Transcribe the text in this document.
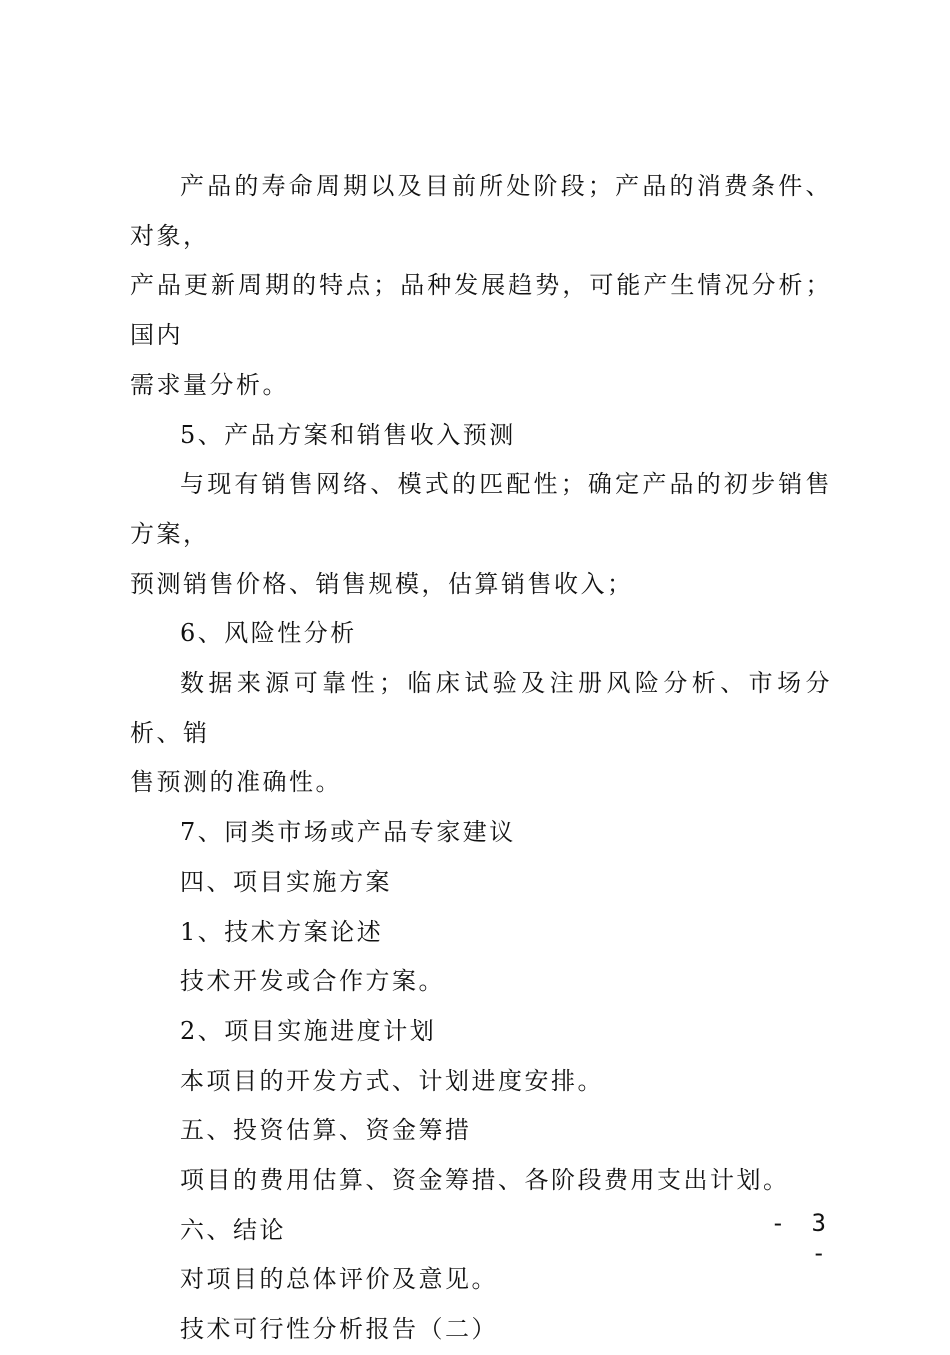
产品的寿命周期以及目前所处阶段；产品的消费条件、对象，
产品更新周期的特点；品种发展趋势，可能产生情况分析；国内
需求量分析。

5、产品方案和销售收入预测

与现有销售网络、模式的匹配性；确定产品的初步销售方案，
预测销售价格、销售规模，估算销售收入；

6、风险性分析

数据来源可靠性；临床试验及注册风险分析、市场分析、销
售预测的准确性。

7、同类市场或产品专家建议

四、项目实施方案

1、技术方案论述

技术开发或合作方案。

2、项目实施进度计划

本项目的开发方式、计划进度安排。

五、投资估算、资金筹措

项目的费用估算、资金筹措、各阶段费用支出计划。

六、结论

对项目的总体评价及意见。

技术可行性分析报告（二）

- 3 -
